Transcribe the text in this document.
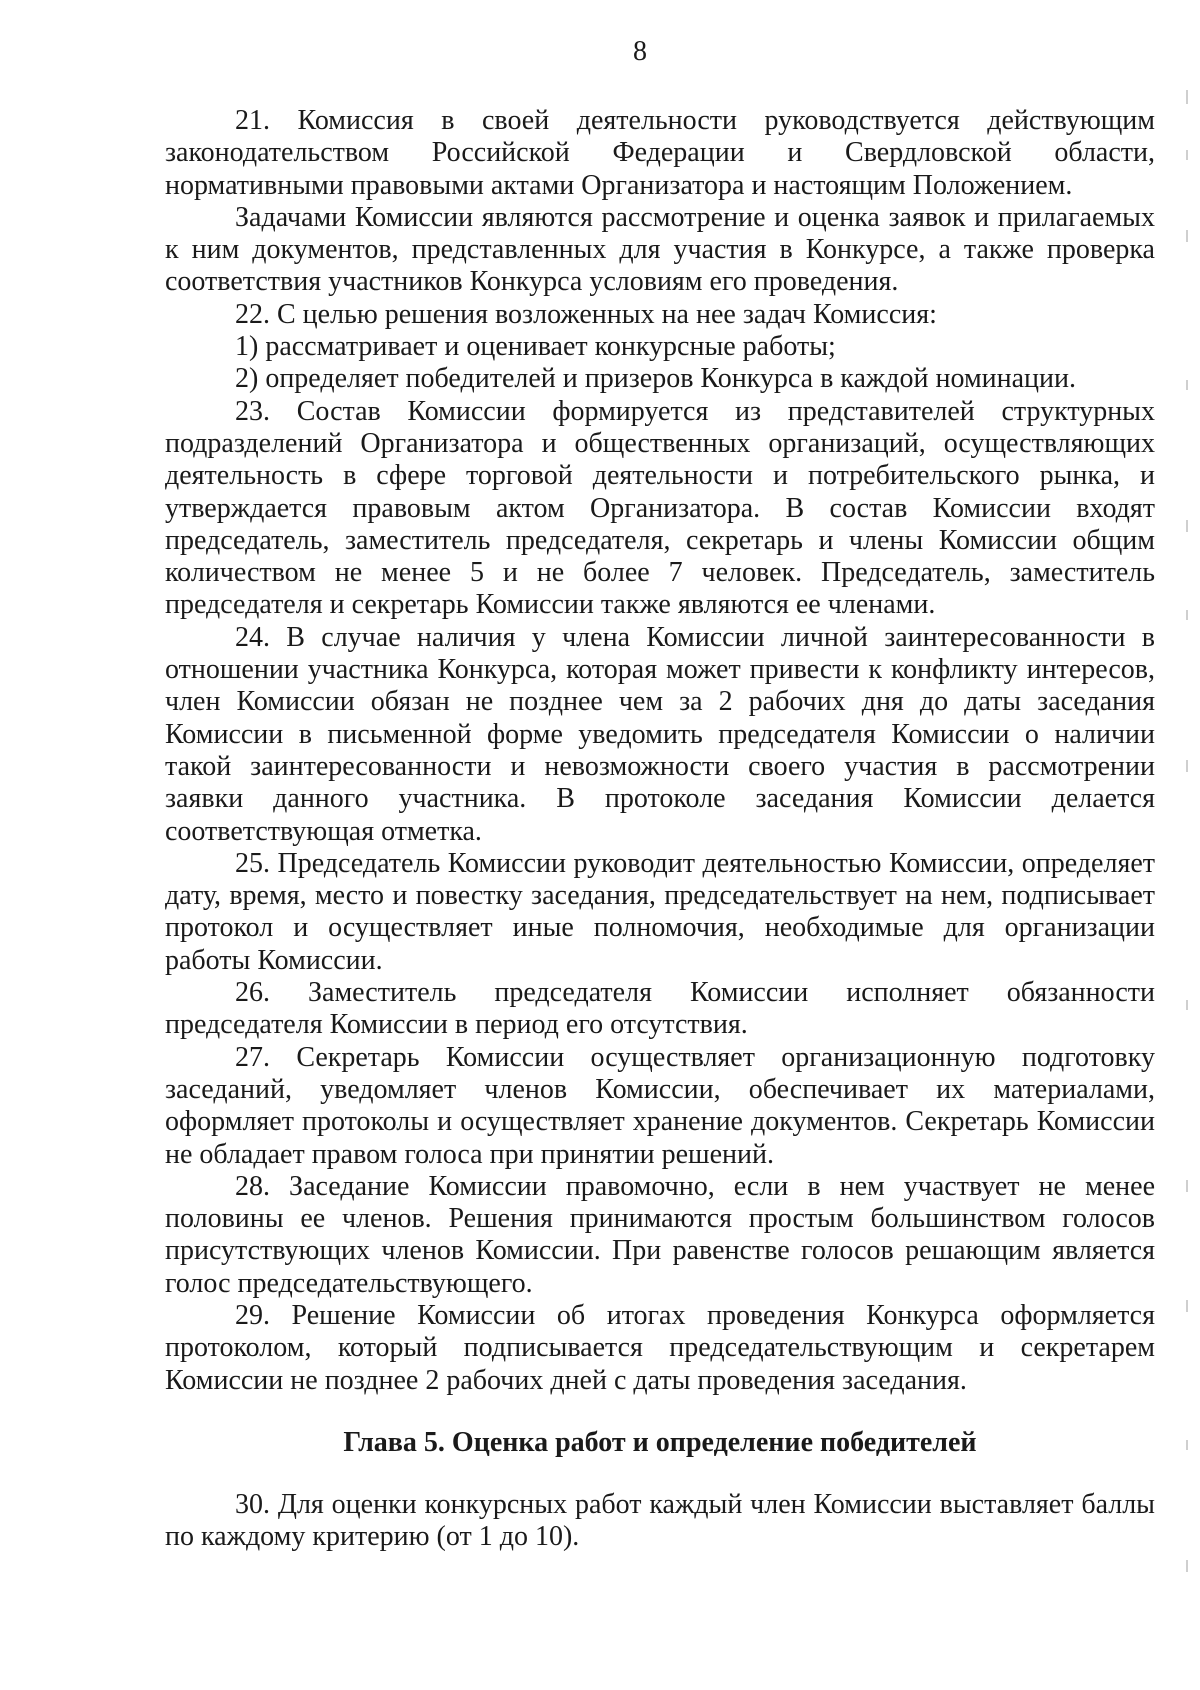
8

21. Комиссия в своей деятельности руководствуется действующим законодательством Российской Федерации и Свердловской области, нормативными правовыми актами Организатора и настоящим Положением.

Задачами Комиссии являются рассмотрение и оценка заявок и прилагаемых к ним документов, представленных для участия в Конкурсе, а также проверка соответствия участников Конкурса условиям его проведения.

22. С целью решения возложенных на нее задач Комиссия:

1) рассматривает и оценивает конкурсные работы;

2) определяет победителей и призеров Конкурса в каждой номинации.

23. Состав Комиссии формируется из представителей структурных подразделений Организатора и общественных организаций, осуществляющих деятельность в сфере торговой деятельности и потребительского рынка, и утверждается правовым актом Организатора. В состав Комиссии входят председатель, заместитель председателя, секретарь и члены Комиссии общим количеством не менее 5 и не более 7 человек. Председатель, заместитель председателя и секретарь Комиссии также являются ее членами.

24. В случае наличия у члена Комиссии личной заинтересованности в отношении участника Конкурса, которая может привести к конфликту интересов, член Комиссии обязан не позднее чем за 2 рабочих дня до даты заседания Комиссии в письменной форме уведомить председателя Комиссии о наличии такой заинтересованности и невозможности своего участия в рассмотрении заявки данного участника. В протоколе заседания Комиссии делается соответствующая отметка.

25. Председатель Комиссии руководит деятельностью Комиссии, определяет дату, время, место и повестку заседания, председательствует на нем, подписывает протокол и осуществляет иные полномочия, необходимые для организации работы Комиссии.

26. Заместитель председателя Комиссии исполняет обязанности председателя Комиссии в период его отсутствия.

27. Секретарь Комиссии осуществляет организационную подготовку заседаний, уведомляет членов Комиссии, обеспечивает их материалами, оформляет протоколы и осуществляет хранение документов. Секретарь Комиссии не обладает правом голоса при принятии решений.

28. Заседание Комиссии правомочно, если в нем участвует не менее половины ее членов. Решения принимаются простым большинством голосов присутствующих членов Комиссии. При равенстве голосов решающим является голос председательствующего.

29. Решение Комиссии об итогах проведения Конкурса оформляется протоколом, который подписывается председательствующим и секретарем Комиссии не позднее 2 рабочих дней с даты проведения заседания.

Глава 5. Оценка работ и определение победителей

30. Для оценки конкурсных работ каждый член Комиссии выставляет баллы по каждому критерию (от 1 до 10).
